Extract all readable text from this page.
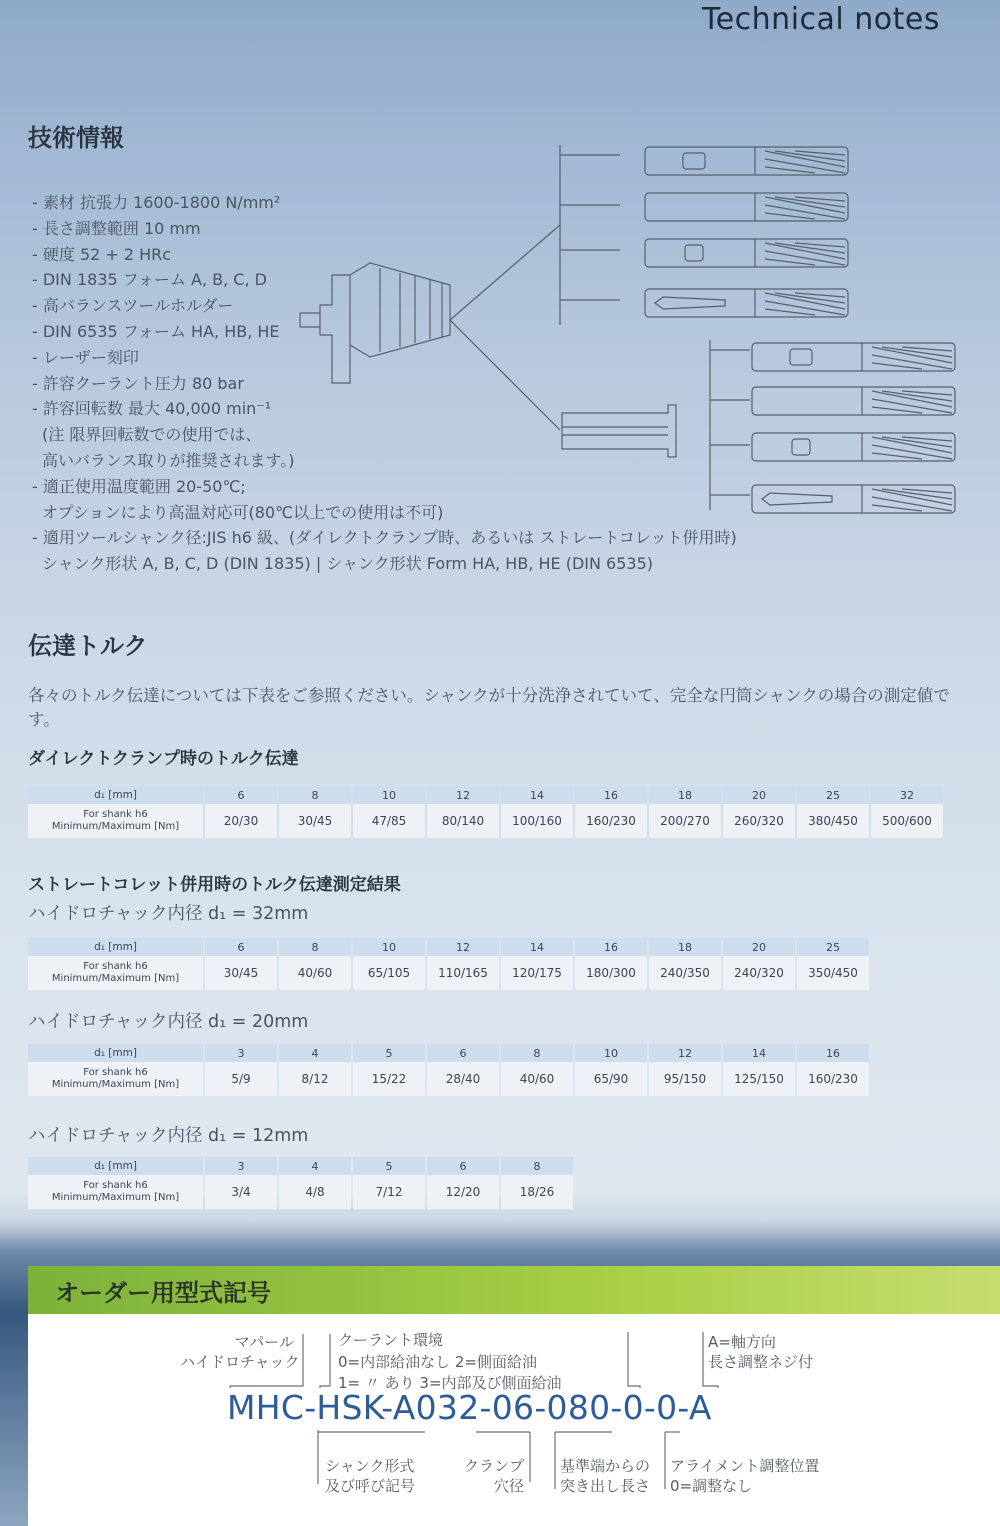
Technical notes
技術情報
- 素材 抗張力 1600-1800 N/mm²
- 長さ調整範囲 10 mm
- 硬度 52 + 2 HRc
- DIN 1835 フォーム A, B, C, D
- 高バランスツールホルダー
- DIN 6535 フォーム HA, HB, HE
- レーザー刻印
- 許容クーラント圧力 80 bar
- 許容回転数 最大 40,000 min⁻¹
(注 限界回転数での使用では、
高いバランス取りが推奨されます。)
- 適正使用温度範囲 20-50℃;
オプションにより高温対応可(80℃以上での使用は不可)
- 適用ツールシャンク径:JIS h6 級、(ダイレクトクランプ時、あるいは ストレートコレット併用時)
シャンク形状 A, B, C, D (DIN 1835) | シャンク形状 Form HA, HB, HE (DIN 6535)
伝達トルク
各々のトルク伝達については下表をご参照ください。シャンクが十分洗浄されていて、完全な円筒シャンクの場合の測定値です。
ダイレクトクランプ時のトルク伝達
d₁ [mm]	6	8	10	12	14	16	18	20	25	32
For shank h6
Minimum/Maximum [Nm]	20/30	30/45	47/85	80/140	100/160	160/230	200/270	260/320	380/450	500/600
ストレートコレット併用時のトルク伝達測定結果
ハイドロチャック内径 d₁ = 32mm
d₁ [mm]	6	8	10	12	14	16	18	20	25
For shank h6
Minimum/Maximum [Nm]	30/45	40/60	65/105	110/165	120/175	180/300	240/350	240/320	350/450
ハイドロチャック内径 d₁ = 20mm
d₁ [mm]	3	4	5	6	8	10	12	14	16
For shank h6
Minimum/Maximum [Nm]	5/9	8/12	15/22	28/40	40/60	65/90	95/150	125/150	160/230
ハイドロチャック内径 d₁ = 12mm
d₁ [mm]	3	4	5	6	8
For shank h6
Minimum/Maximum [Nm]	3/4	4/8	7/12	12/20	18/26
オーダー用型式記号
マパール
ハイドロチャック
クーラント環境
0=内部給油なし 2=側面給油
1= 〃 あり 3=内部及び側面給油
A=軸方向
長さ調整ネジ付
MHC-HSK-A032-06-080-0-0-A
シャンク形式
及び呼び記号
クランプ
穴径
基準端からの
突き出し長さ
アライメント調整位置
0=調整なし
